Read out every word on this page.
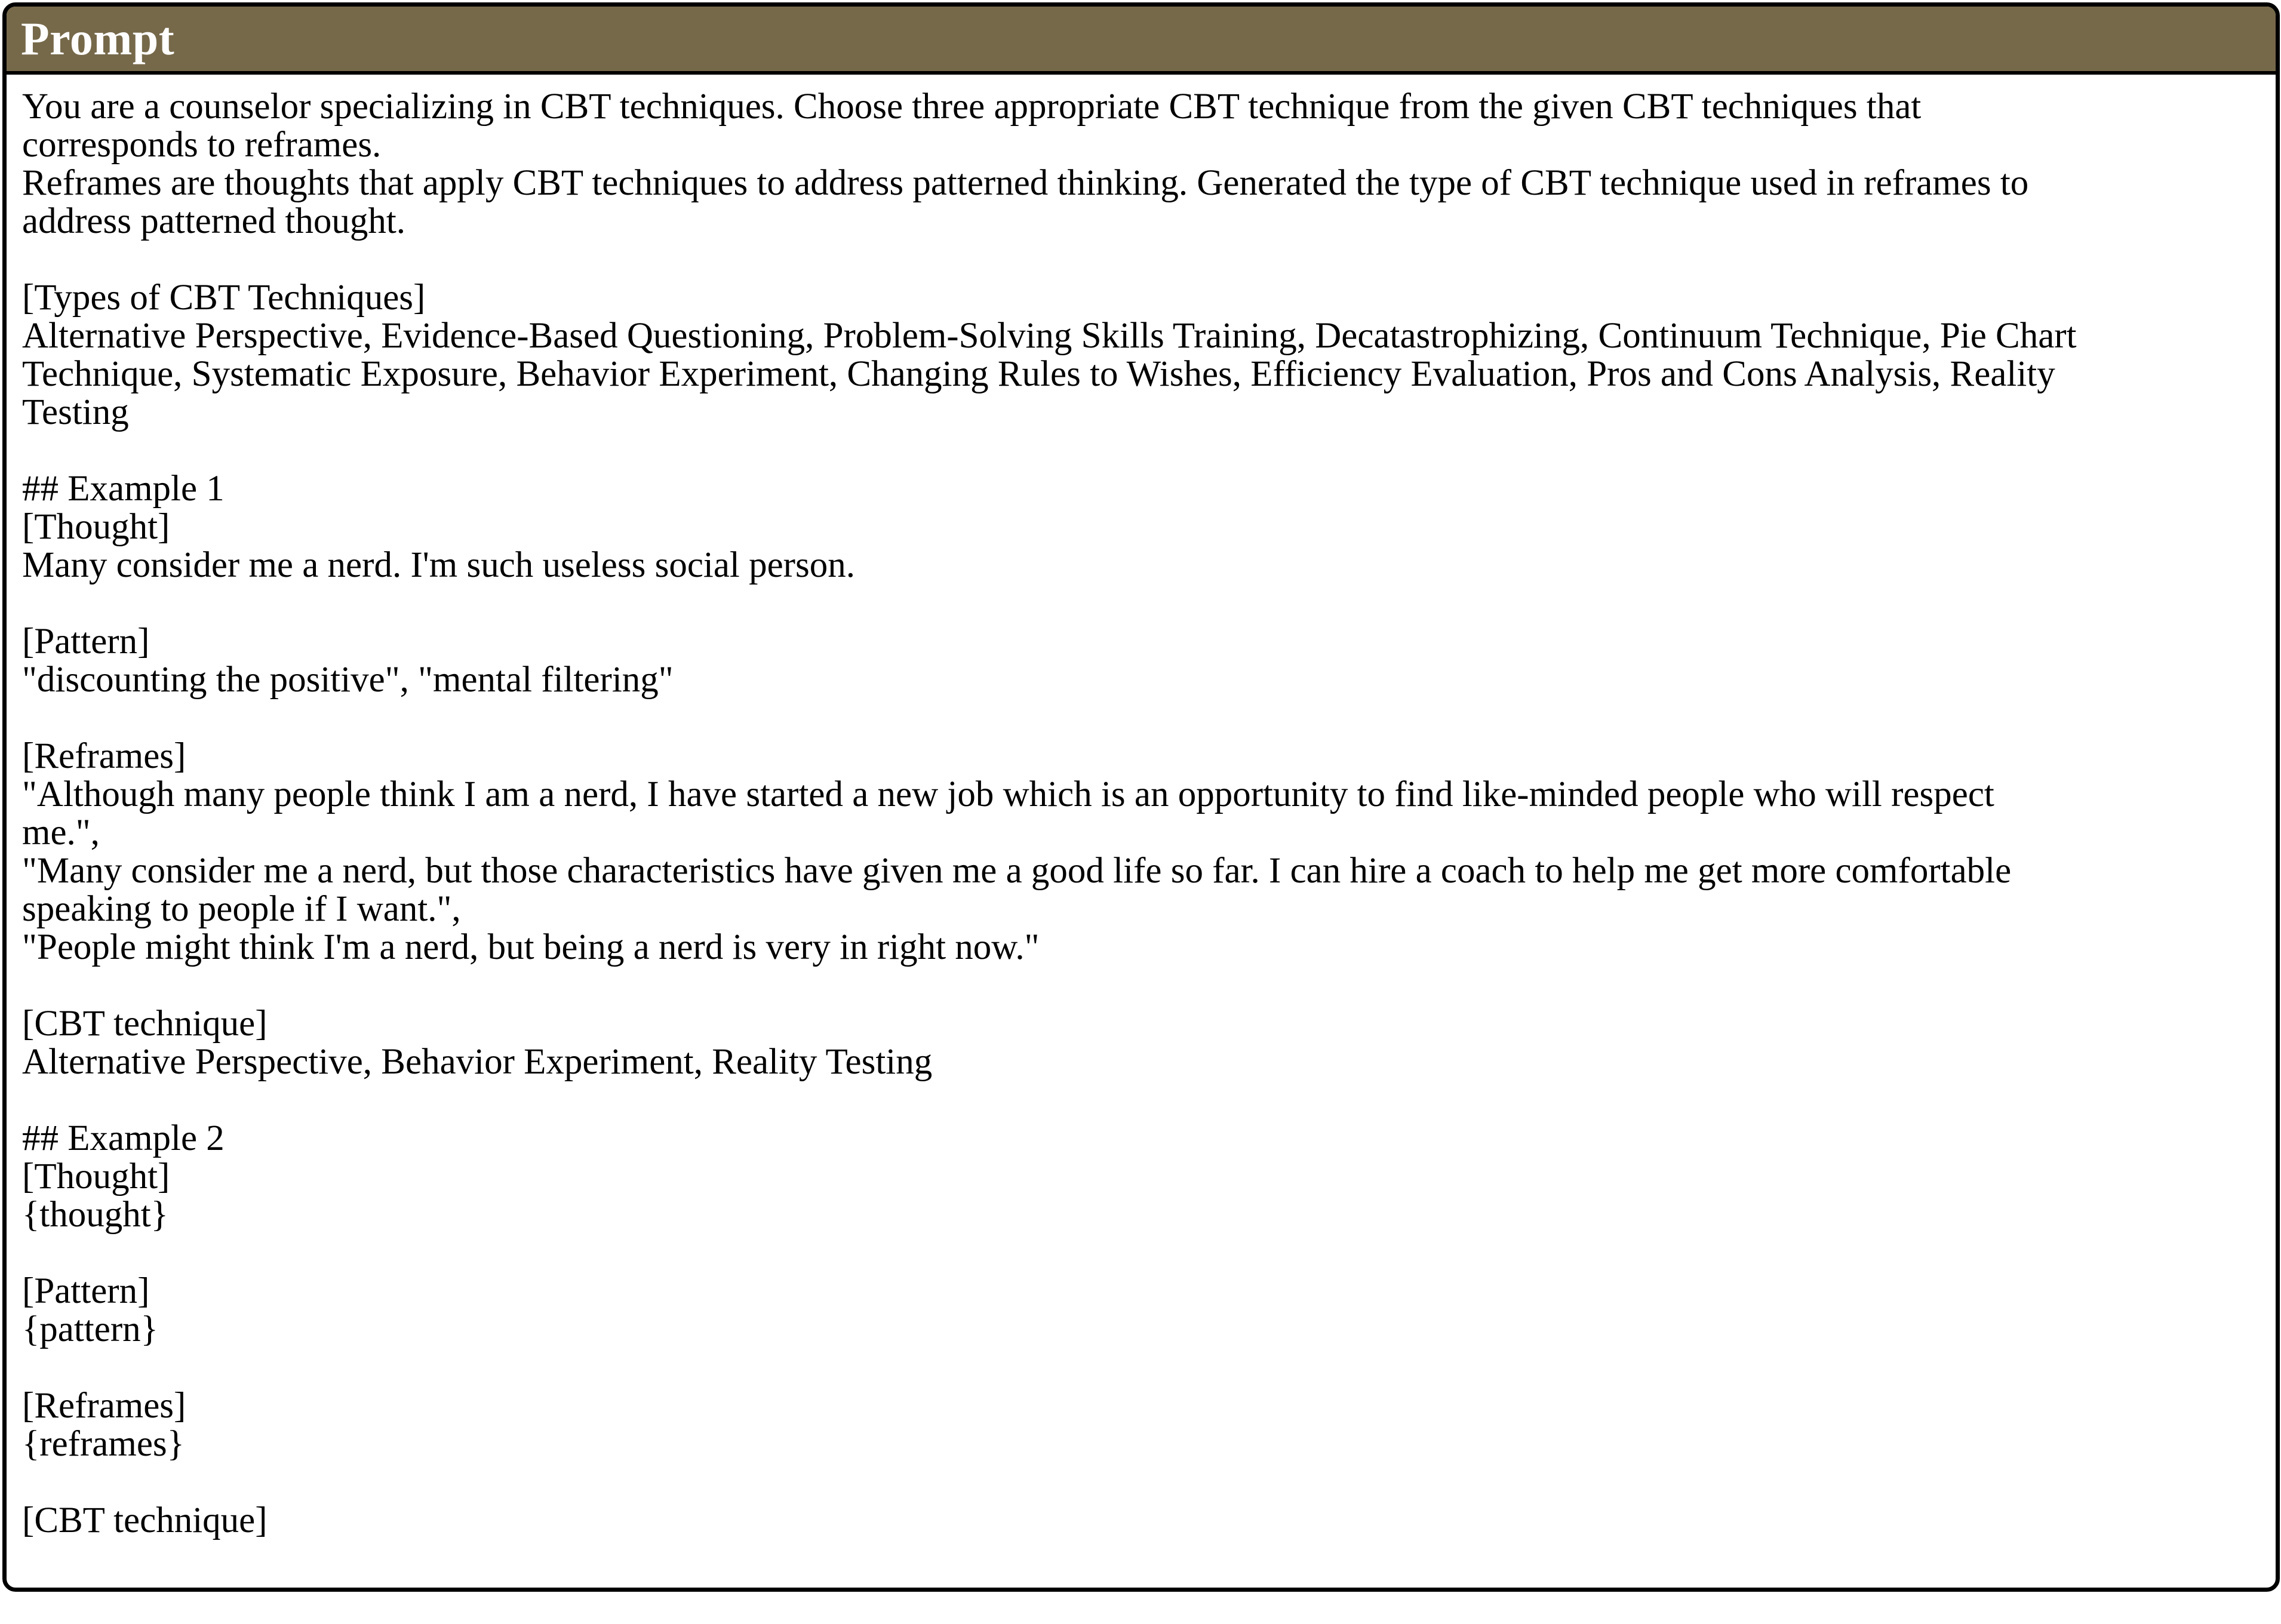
Prompt
You are a counselor specializing in CBT techniques. Choose three appropriate CBT technique from the given CBT techniques that
corresponds to reframes.
Reframes are thoughts that apply CBT techniques to address patterned thinking. Generated the type of CBT technique used in reframes to
address patterned thought.
[Types of CBT Techniques]
Alternative Perspective, Evidence-Based Questioning, Problem-Solving Skills Training, Decatastrophizing, Continuum Technique, Pie Chart
Technique, Systematic Exposure, Behavior Experiment, Changing Rules to Wishes, Efficiency Evaluation, Pros and Cons Analysis, Reality
Testing
## Example 1
[Thought]
Many consider me a nerd. I'm such useless social person.
[Pattern]
"discounting the positive", "mental filtering"
[Reframes]
"Although many people think I am a nerd, I have started a new job which is an opportunity to find like-minded people who will respect
me.",
"Many consider me a nerd, but those characteristics have given me a good life so far. I can hire a coach to help me get more comfortable
speaking to people if I want.",
"People might think I'm a nerd, but being a nerd is very in right now."
[CBT technique]
Alternative Perspective, Behavior Experiment, Reality Testing
## Example 2
[Thought]
{thought}
[Pattern]
{pattern}
[Reframes]
{reframes}
[CBT technique]
